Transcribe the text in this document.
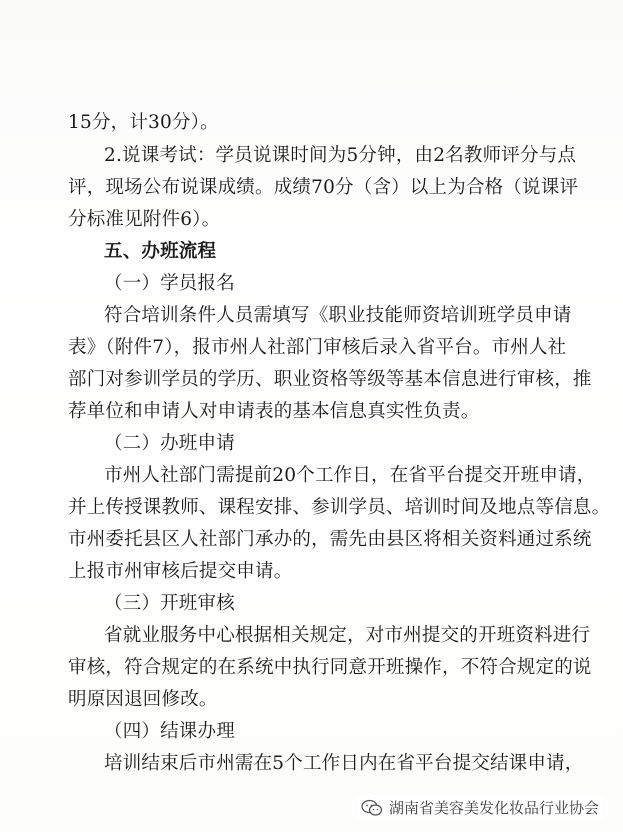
15分，计30分）。
2.说课考试：学员说课时间为5分钟，由2名教师评分与点
评，现场公布说课成绩。成绩70分（含）以上为合格（说课评
分标准见附件6）。
五、办班流程
（一）学员报名
符合培训条件人员需填写《职业技能师资培训班学员申请
表》（附件7），报市州人社部门审核后录入省平台。市州人社
部门对参训学员的学历、职业资格等级等基本信息进行审核，推
荐单位和申请人对申请表的基本信息真实性负责。
（二）办班申请
市州人社部门需提前20个工作日，在省平台提交开班申请，
并上传授课教师、课程安排、参训学员、培训时间及地点等信息。
市州委托县区人社部门承办的，需先由县区将相关资料通过系统
上报市州审核后提交申请。
（三）开班审核
省就业服务中心根据相关规定，对市州提交的开班资料进行
审核，符合规定的在系统中执行同意开班操作，不符合规定的说
明原因退回修改。
（四）结课办理
培训结束后市州需在5个工作日内在省平台提交结课申请，
湖南省美容美发化妆品行业协会
